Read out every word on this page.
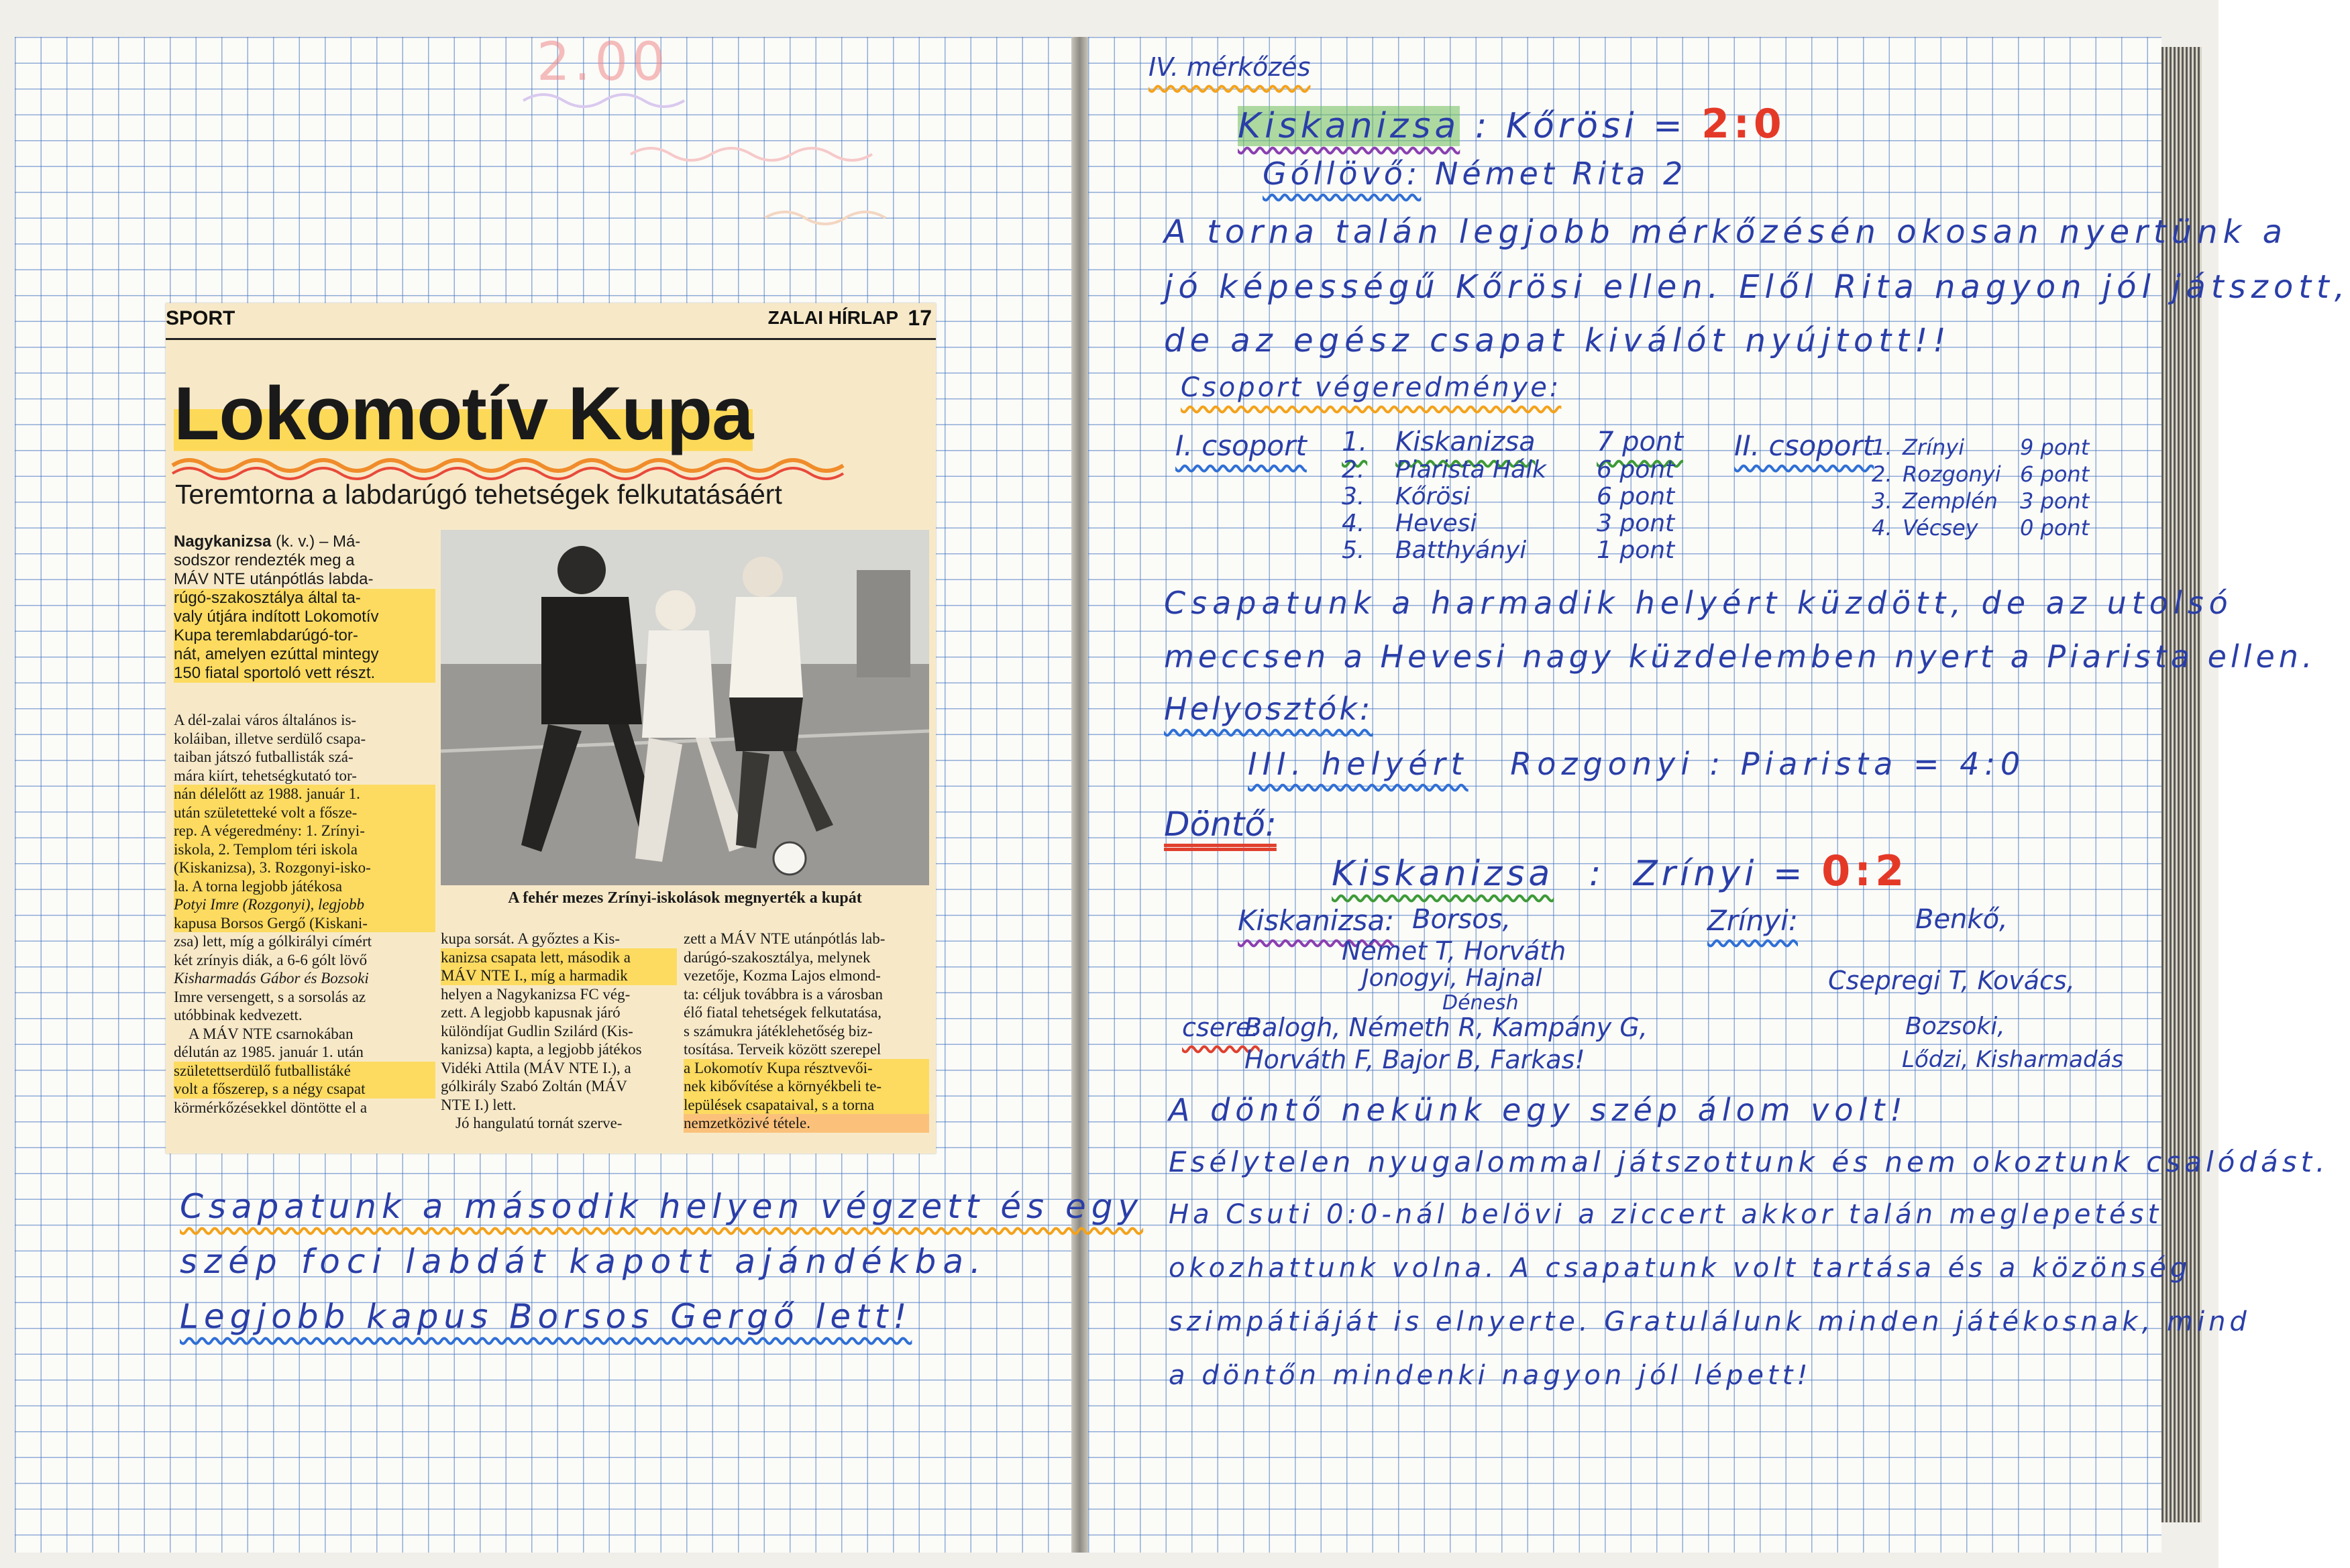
2.00
SPORT	ZALAI HÍRLAP 17
Lokomotív Kupa
Teremtorna a labdarúgó tehetségek felkutatásáért

Nagykanizsa (k. v.) – Má-

sodszor rendezték meg a

MÁV NTE utánpótlás labda-

rúgó-szakosztálya által ta-

valy útjára indított Lokomotív

Kupa teremlabdarúgó-tor-

nát, amelyen ezúttal mintegy

150 fiatal sportoló vett részt.

A dél-zalai város általános is-

koláiban, illetve serdülő csapa-

taiban játszó futballisták szá-

mára kiírt, tehetségkutató tor-

nán délelőtt az 1988. január 1.

után születetteké volt a főszе-

rep. A végeredmény: 1. Zrínyi-

iskola, 2. Templom téri iskola

(Kiskanizsa), 3. Rozgonyi-isko-

la. A torna legjobb játékosa

Potyi Imre (Rozgonyi), legjobb

kapusa Borsos Gergő (Kiskani-

zsa) lett, míg a gólkirályi címért

két zrínyis diák, a 6-6 gólt lövő

Kisharmadás Gábor és Bozsoki

Imre versengett, s a sorsolás az

utóbbinak kedvezett.

A MÁV NTE csarnokában

délután az 1985. január 1. után

születettserdülő futballistáké

volt a főszerep, s a négy csapat

körmérkőzésekkel döntötte el a

A fehér mezes Zrínyi-iskolások megnyerték a kupát

kupa sorsát. A győztes a Kis-

kanizsa csapata lett, második a

MÁV NTE I., míg a harmadik

helyen a Nagykanizsa FC vég-

zett. A legjobb kapusnak járó

különdíjat Gudlin Szilárd (Kis-

kanizsa) kapta, a legjobb játékos

Vidéki Attila (MÁV NTE I.), a

gólkirály Szabó Zoltán (MÁV

NTE I.) lett.

Jó hangulatú tornát szerve-

zett a MÁV NTE utánpótlás lab-

darúgó-szakosztálya, melynek

vezetője, Kozma Lajos elmond-

ta: céljuk továbbra is a városban

élő fiatal tehetségek felkutatása,

s számukra játéklehetőség biz-

tosítása. Terveik között szerepel

a Lokomotív Kupa résztvevői-

nek kibővítése a környékbeli te-

lepülések csapataival, s a torna

nemzetközivé tétele.

Csapatunk a második helyen végzett és egy
szép foci labdát kapott ajándékba.
Legjobb kapus Borsos Gergő lett!
IV. mérkőzés
Kiskanizsa : Kőrösi = 2:0
Góllövő: Német Rita 2
A torna talán legjobb mérkőzésén okosan nyertünk a
jó képességű Kőrösi ellen. Elől Rita nagyon jól játszott,
de az egész csapat kiválót nyújtott!!
Csoport végeredménye:
I. csoport 1.	Kiskanizsa	7 pont
2.	Piarista Hálk	6 pont
3.	Kőrösi	6 pont
4.	Hevesi	3 pont
5.	Batthyányi	1 pont
II. csoport
1. Zrínyi	9 pont
2. Rozgonyi 6 pont
3. Zemplén	3 pont
4. Vécsey	0 pont
Csapatunk a harmadik helyért küzdött, de az utolsó
meccsen a Hevesi nagy küzdelemben nyert a Piarista ellen.
Helyosztók:
III. helyért Rozgonyi : Piarista = 4:0
Döntő:
Kiskanizsa : Zrínyi = 0:2
Kiskanizsa: Borsos,
Német T, Horváth
Jonogyi, Hajnal
Dénesh
Zrínyi:	Benkő,
Csepregi T, Kovács,
Bozsoki,
Lődzi, Kisharmadás
csere:
Balogh, Németh R, Kampány G,
Horváth F, Bajor B, Farkas!
A döntő nekünk egy szép álom volt!
Esélytelen nyugalommal játszottunk és nem okoztunk csalódást.
Ha Csuti 0:0-nál belövi a ziccert akkor talán meglepetést
okozhattunk volna. A csapatunk volt tartása és a közönség
szimpátiáját is elnyerte. Gratulálunk minden játékosnak, mind
a döntőn mindenki nagyon jól lépett!
